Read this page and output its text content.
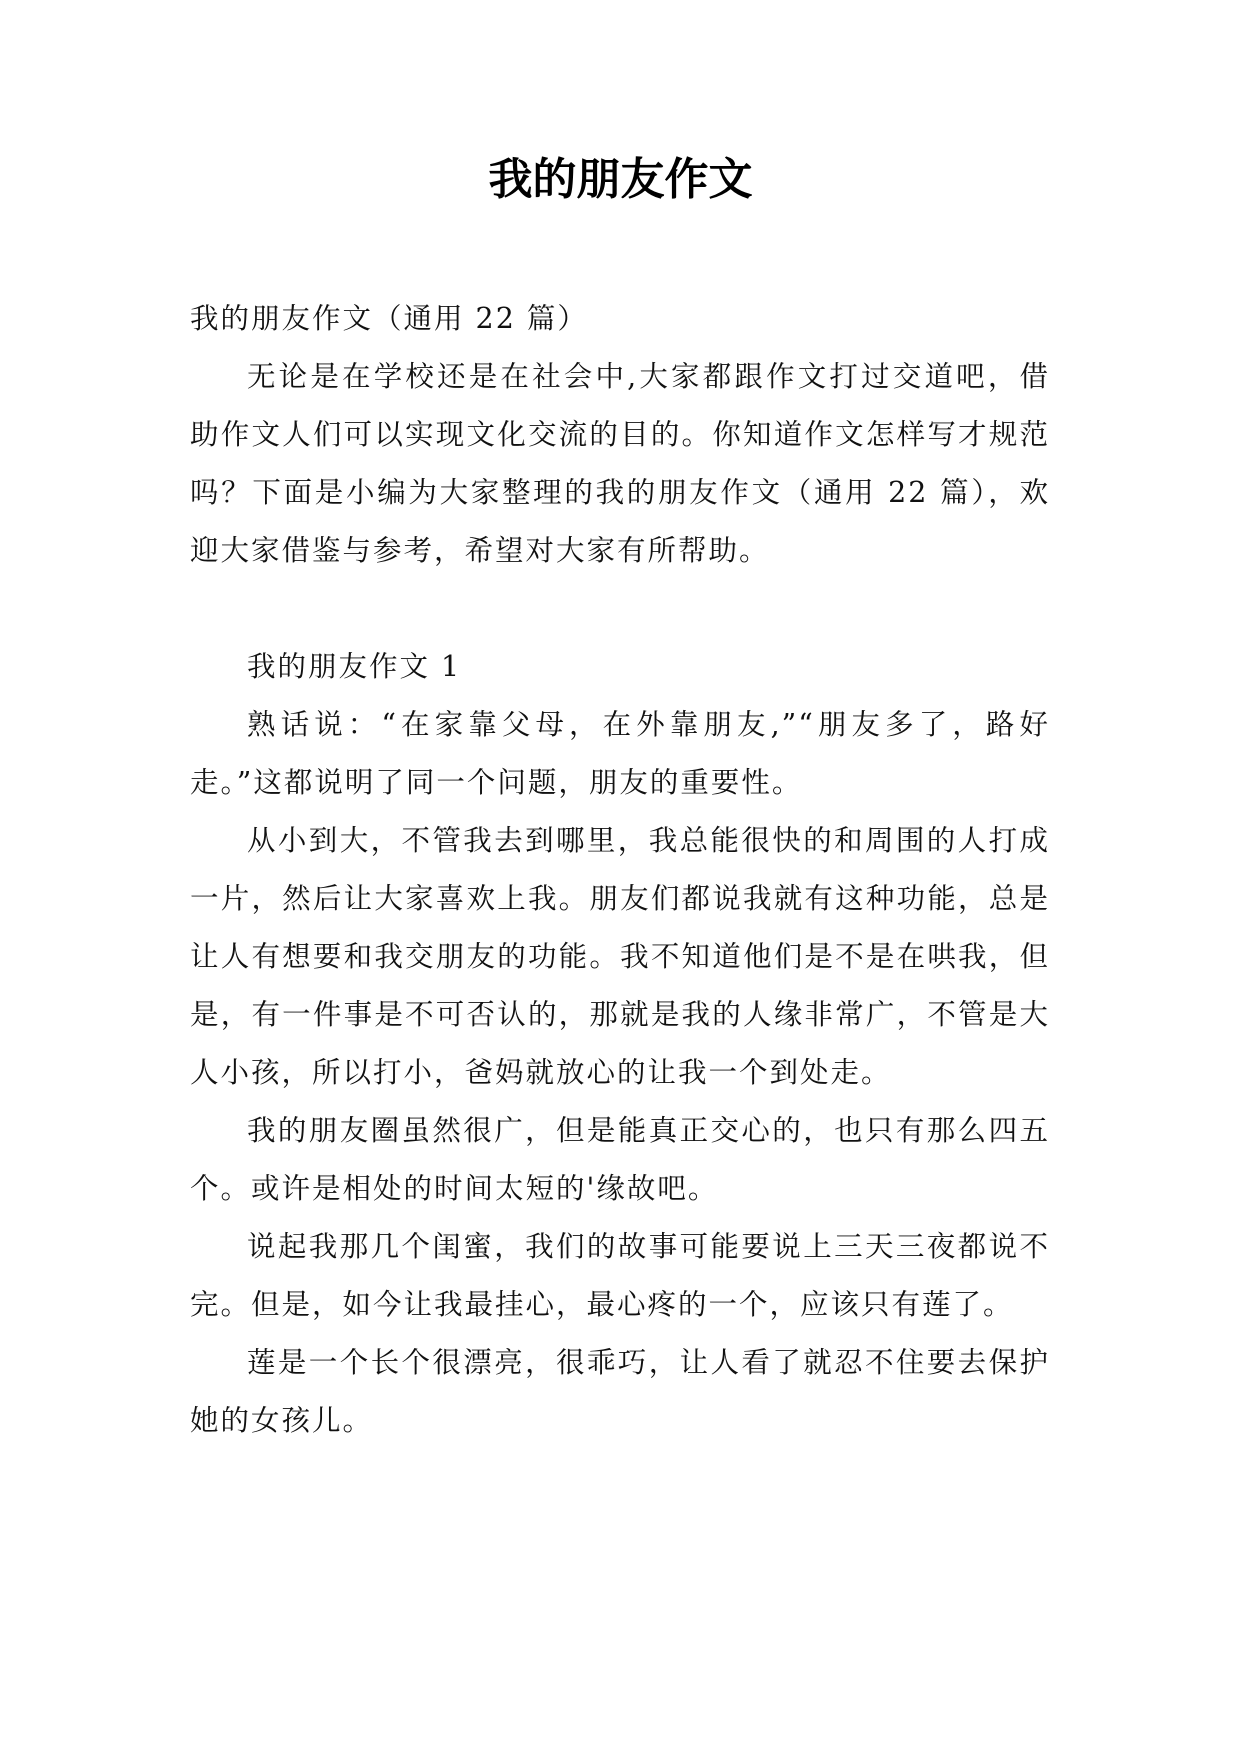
我的朋友作文

我的朋友作文（通用 22 篇）

无论是在学校还是在社会中,大家都跟作文打过交道吧，借助作文人们可以实现文化交流的目的。你知道作文怎样写才规范吗？下面是小编为大家整理的我的朋友作文（通用 22 篇），欢迎大家借鉴与参考，希望对大家有所帮助。

我的朋友作文 1

熟话说：“在家靠父母，在外靠朋友,”“朋友多了，路好走。”这都说明了同一个问题，朋友的重要性。

从小到大，不管我去到哪里，我总能很快的和周围的人打成一片，然后让大家喜欢上我。朋友们都说我就有这种功能，总是让人有想要和我交朋友的功能。我不知道他们是不是在哄我，但是，有一件事是不可否认的，那就是我的人缘非常广，不管是大人小孩，所以打小，爸妈就放心的让我一个到处走。

我的朋友圈虽然很广，但是能真正交心的，也只有那么四五个。或许是相处的时间太短的'缘故吧。

说起我那几个闺蜜，我们的故事可能要说上三天三夜都说不完。但是，如今让我最挂心，最心疼的一个，应该只有莲了。

莲是一个长个很漂亮，很乖巧，让人看了就忍不住要去保护她的女孩儿。
